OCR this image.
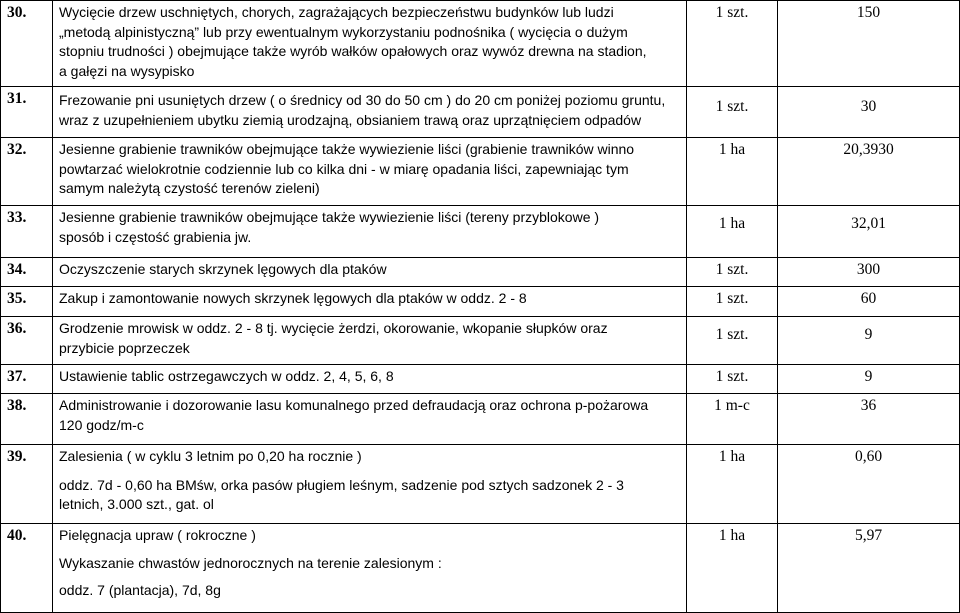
30.	Wycięcie drzew uschniętych, chorych, zagrażających bezpieczeństwu budynków lub ludzi
„metodą alpinistyczną” lub przy ewentualnym wykorzystaniu podnośnika ( wycięcia o dużym
stopniu trudności ) obejmujące także wyrób wałków opałowych oraz wywóz drewna na stadion,
a gałęzi na wysypisko	1 szt.	150
31.	Frezowanie pni usuniętych drzew ( o średnicy od 30 do 50 cm ) do 20 cm poniżej poziomu gruntu,
wraz z uzupełnieniem ubytku ziemią urodzajną, obsianiem trawą oraz uprzątnięciem odpadów	1 szt.	30
32.	Jesienne grabienie trawników obejmujące także wywiezienie liści (grabienie trawników winno
powtarzać wielokrotnie codziennie lub co kilka dni - w miarę opadania liści, zapewniając tym
samym należytą czystość terenów zieleni)	1 ha	20,3930
33.	Jesienne grabienie trawników obejmujące także wywiezienie liści (tereny przyblokowe )
sposób i częstość grabienia jw.	1 ha	32,01
34.	Oczyszczenie starych skrzynek lęgowych dla ptaków	1 szt.	300
35.	Zakup i zamontowanie nowych skrzynek lęgowych dla ptaków w oddz. 2 - 8	1 szt.	60
36.	Grodzenie mrowisk w oddz. 2 - 8 tj. wycięcie żerdzi, okorowanie, wkopanie słupków oraz
przybicie poprzeczek	1 szt.	9
37.	Ustawienie tablic ostrzegawczych w oddz. 2, 4, 5, 6, 8	1 szt.	9
38.	Administrowanie i dozorowanie lasu komunalnego przed defraudacją oraz ochrona p-pożarowa
120 godz/m-c	1 m-c	36
39.	Zalesienia ( w cyklu 3 letnim po 0,20 ha rocznie )
oddz. 7d - 0,60 ha BMśw, orka pasów pługiem leśnym, sadzenie pod sztych sadzonek 2 - 3
letnich, 3.000 szt., gat. ol	1 ha	0,60
40.	Pielęgnacja upraw ( rokroczne )
Wykaszanie chwastów jednorocznych na terenie zalesionym :
oddz. 7 (plantacja), 7d, 8g	1 ha	5,97
